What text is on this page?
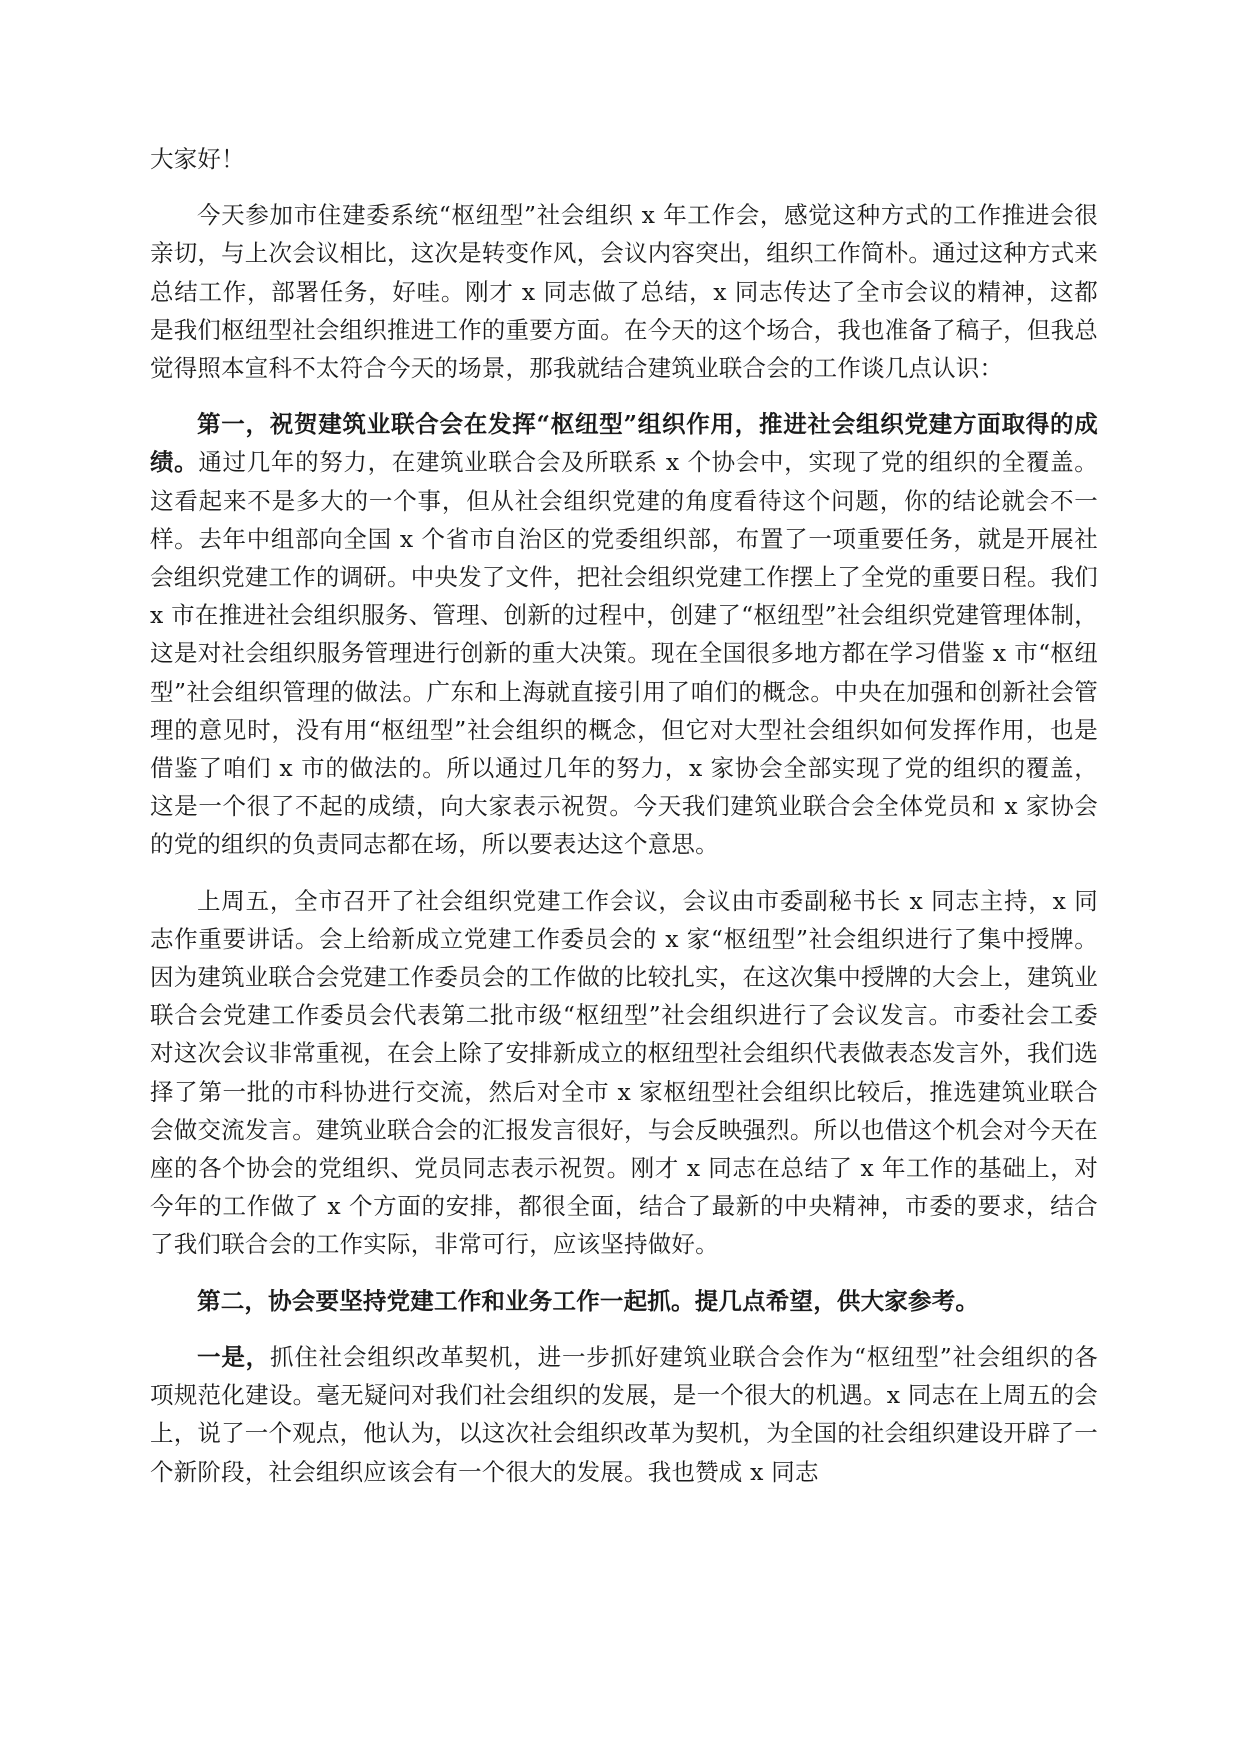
大家好！

今天参加市住建委系统“枢纽型”社会组织 x 年工作会，感觉这种方式的工作推进会很亲切，与上次会议相比，这次是转变作风，会议内容突出，组织工作简朴。通过这种方式来总结工作，部署任务，好哇。刚才 x 同志做了总结，x 同志传达了全市会议的精神，这都是我们枢纽型社会组织推进工作的重要方面。在今天的这个场合，我也准备了稿子，但我总觉得照本宣科不太符合今天的场景，那我就结合建筑业联合会的工作谈几点认识：

第一，祝贺建筑业联合会在发挥“枢纽型”组织作用，推进社会组织党建方面取得的成绩。通过几年的努力，在建筑业联合会及所联系 x 个协会中，实现了党的组织的全覆盖。这看起来不是多大的一个事，但从社会组织党建的角度看待这个问题，你的结论就会不一样。去年中组部向全国 x 个省市自治区的党委组织部，布置了一项重要任务，就是开展社会组织党建工作的调研。中央发了文件，把社会组织党建工作摆上了全党的重要日程。我们 x 市在推进社会组织服务、管理、创新的过程中，创建了“枢纽型”社会组织党建管理体制，这是对社会组织服务管理进行创新的重大决策。现在全国很多地方都在学习借鉴 x 市“枢纽型”社会组织管理的做法。广东和上海就直接引用了咱们的概念。中央在加强和创新社会管理的意见时，没有用“枢纽型”社会组织的概念，但它对大型社会组织如何发挥作用，也是借鉴了咱们 x 市的做法的。所以通过几年的努力，x 家协会全部实现了党的组织的覆盖，这是一个很了不起的成绩，向大家表示祝贺。今天我们建筑业联合会全体党员和 x 家协会的党的组织的负责同志都在场，所以要表达这个意思。

上周五，全市召开了社会组织党建工作会议，会议由市委副秘书长 x 同志主持，x 同志作重要讲话。会上给新成立党建工作委员会的 x 家“枢纽型”社会组织进行了集中授牌。因为建筑业联合会党建工作委员会的工作做的比较扎实，在这次集中授牌的大会上，建筑业联合会党建工作委员会代表第二批市级“枢纽型”社会组织进行了会议发言。市委社会工委对这次会议非常重视，在会上除了安排新成立的枢纽型社会组织代表做表态发言外，我们选择了第一批的市科协进行交流，然后对全市 x 家枢纽型社会组织比较后，推选建筑业联合会做交流发言。建筑业联合会的汇报发言很好，与会反映强烈。所以也借这个机会对今天在座的各个协会的党组织、党员同志表示祝贺。刚才 x 同志在总结了 x 年工作的基础上，对今年的工作做了 x 个方面的安排，都很全面，结合了最新的中央精神，市委的要求，结合了我们联合会的工作实际，非常可行，应该坚持做好。

第二，协会要坚持党建工作和业务工作一起抓。提几点希望，供大家参考。

一是，抓住社会组织改革契机，进一步抓好建筑业联合会作为“枢纽型”社会组织的各项规范化建设。毫无疑问对我们社会组织的发展，是一个很大的机遇。x 同志在上周五的会上，说了一个观点，他认为，以这次社会组织改革为契机，为全国的社会组织建设开辟了一个新阶段，社会组织应该会有一个很大的发展。我也赞成 x 同志
